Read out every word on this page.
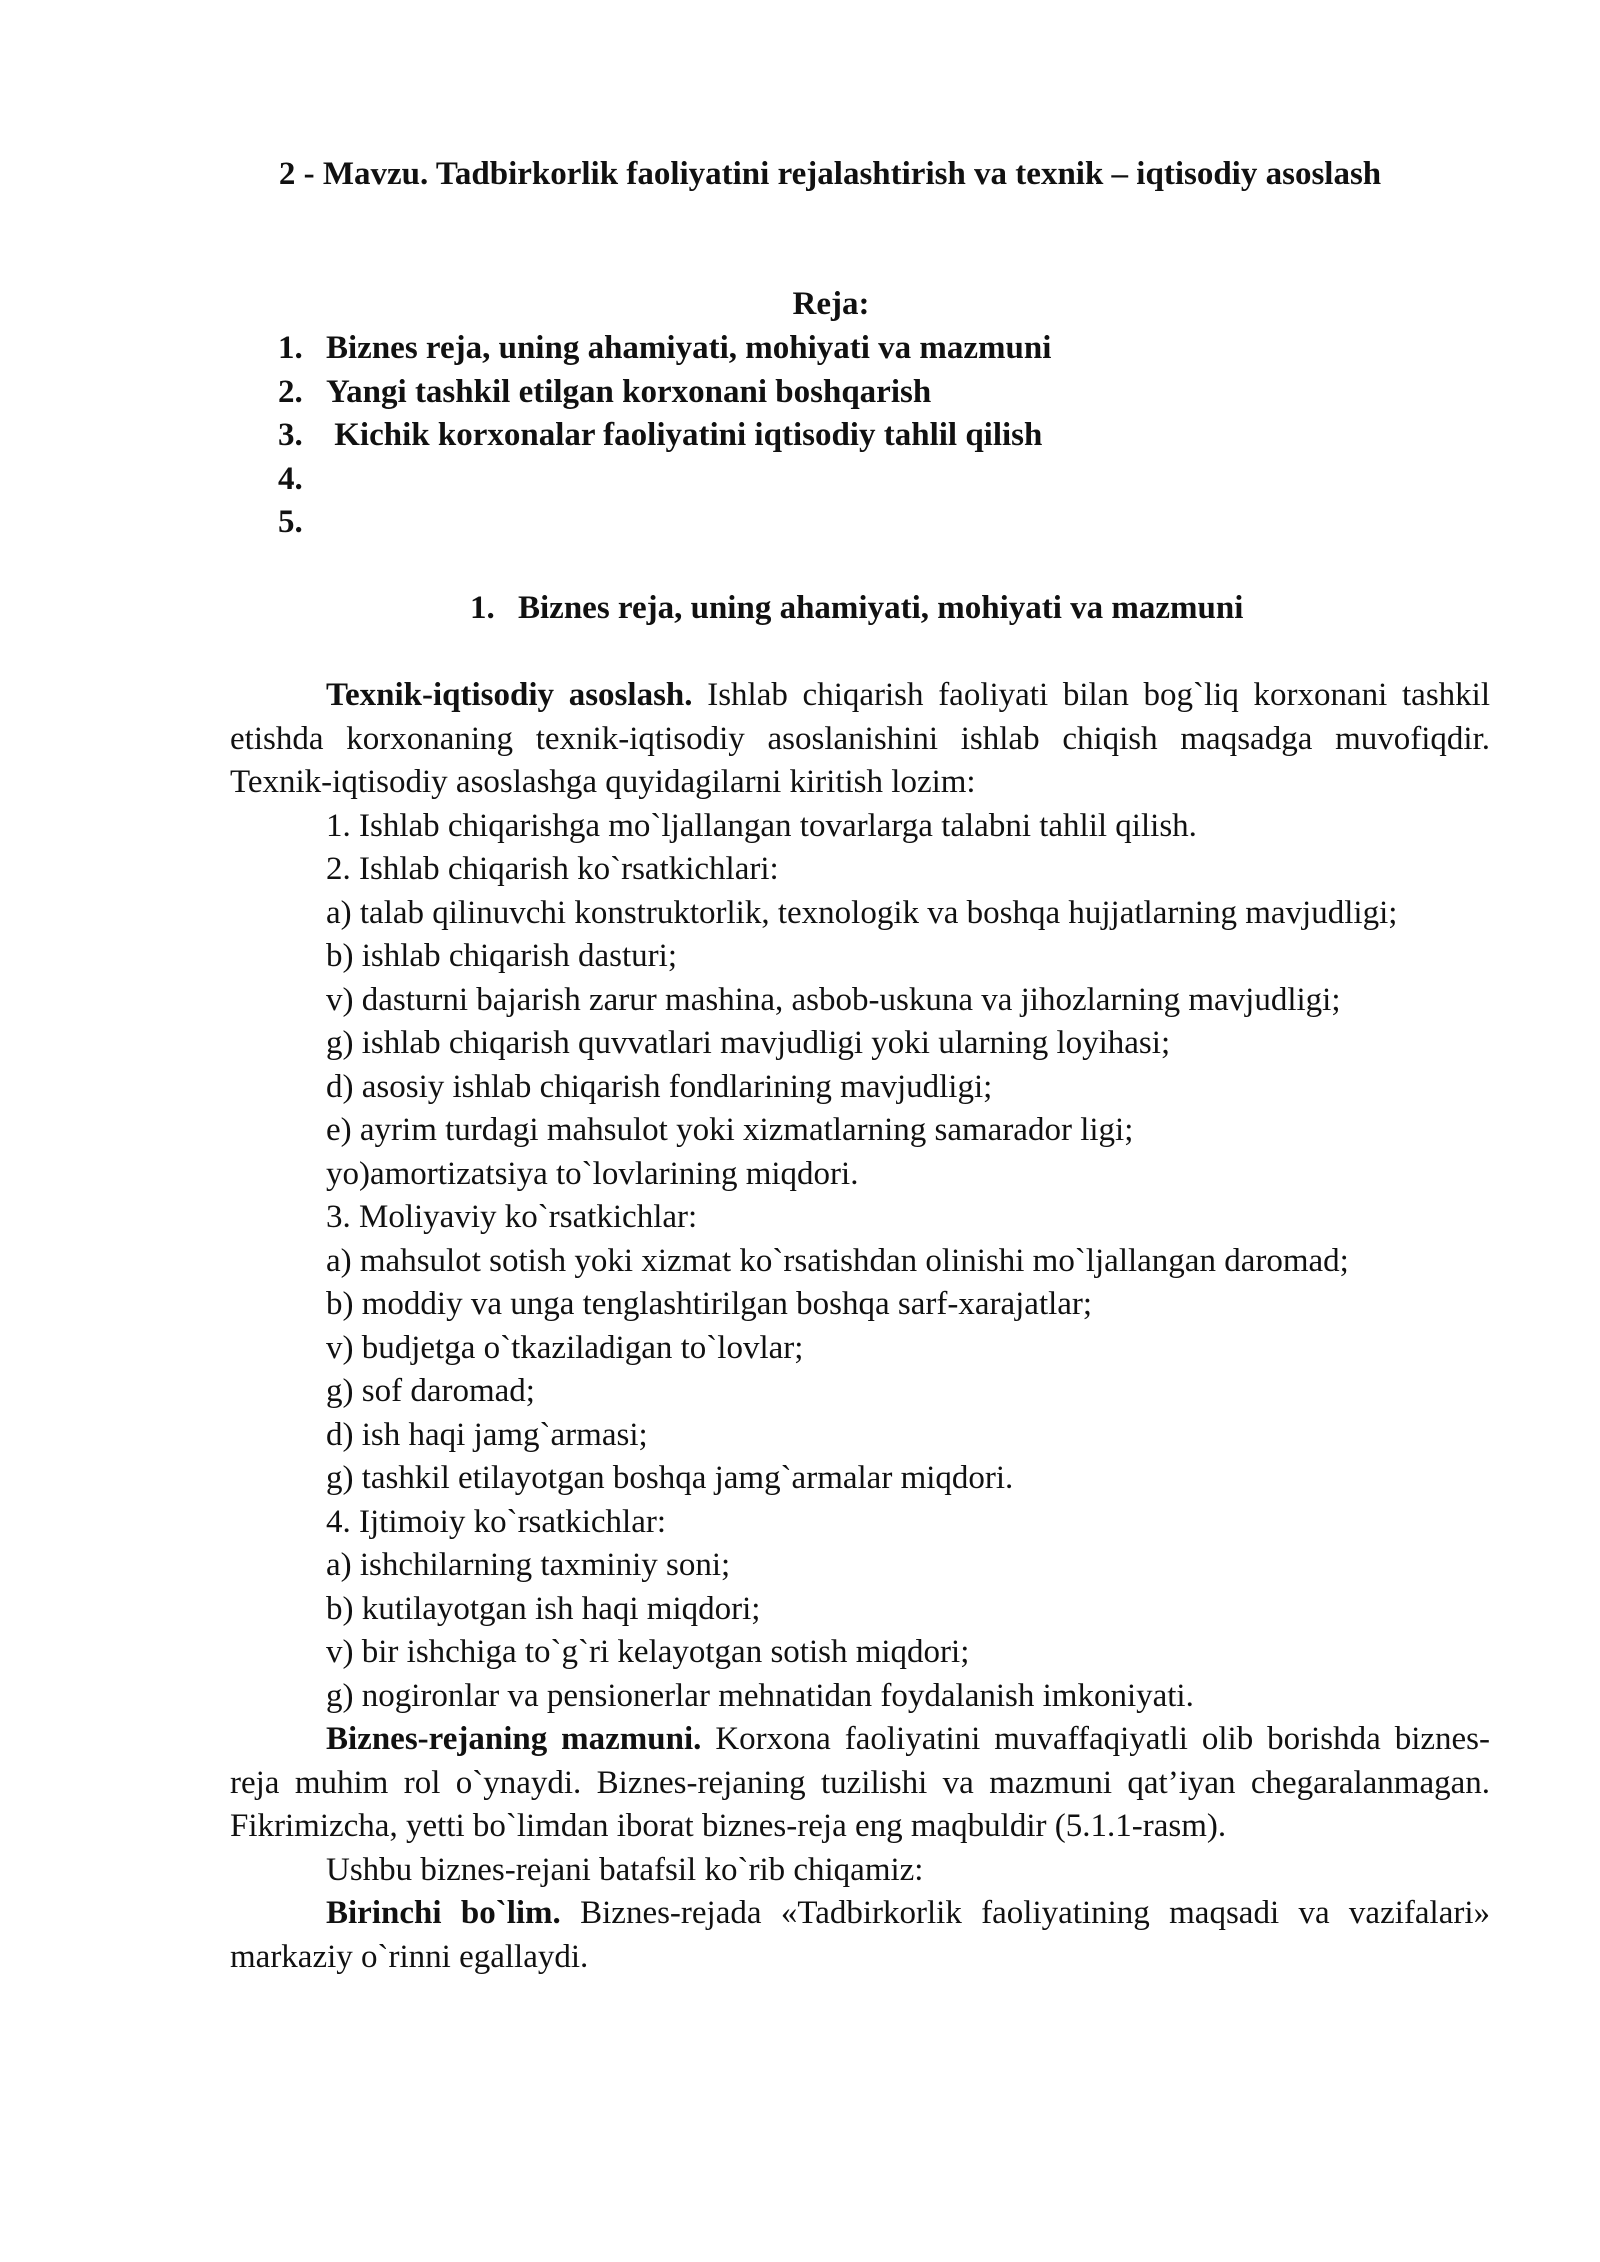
2 - Mavzu. Tadbirkorlik faoliyatini rejalashtirish va texnik – iqtisodiy asoslash
Reja:
1. Biznes reja, uning ahamiyati, mohiyati va mazmuni
2. Yangi tashkil etilgan korxonani boshqarish
3. Kichik korxonalar faoliyatini iqtisodiy tahlil qilish
4.
5.
1. Biznes reja, uning ahamiyati, mohiyati va mazmuni

Texnik-iqtisodiy asoslash. Ishlab chiqarish faoliyati bilan bog`liq korxonani tashkil etishda korxonaning texnik-iqtisodiy asoslanishini ishlab chiqish maqsadga muvofiqdir. Texnik-iqtisodiy asoslashga quyidagilarni kiritish lozim:

1. Ishlab chiqarishga mo`ljallangan tovarlarga talabni tahlil qilish.

2. Ishlab chiqarish ko`rsatkichlari:

a) talab qilinuvchi konstruktorlik, texnologik va boshqa hujjatlarning mavjudligi;

b) ishlab chiqarish dasturi;

v) dasturni bajarish zarur mashina, asbob-uskuna va jihozlarning mavjudligi;

g) ishlab chiqarish quvvatlari mavjudligi yoki ularning loyihasi;

d) asosiy ishlab chiqarish fondlarining mavjudligi;

e) ayrim turdagi mahsulot yoki xizmatlarning samarador ligi;

yo)amortizatsiya to`lovlarining miqdori.

3. Moliyaviy ko`rsatkichlar:

a) mahsulot sotish yoki xizmat ko`rsatishdan olinishi mo`ljallangan daromad;

b) moddiy va unga tenglashtirilgan boshqa sarf-xarajatlar;

v) budjetga o`tkaziladigan to`lovlar;

g) sof daromad;

d) ish haqi jamg`armasi;

g) tashkil etilayotgan boshqa jamg`armalar miqdori.

4. Ijtimoiy ko`rsatkichlar:

a) ishchilarning taxminiy soni;

b) kutilayotgan ish haqi miqdori;

v) bir ishchiga to`g`ri kelayotgan sotish miqdori;

g) nogironlar va pensionerlar mehnatidan foydalanish imkoniyati.

Biznes-rejaning mazmuni. Korxona faoliyatini muvaffaqiyatli olib borishda biznes-reja muhim rol o`ynaydi. Biznes-rejaning tuzilishi va mazmuni qat’iyan chegaralanmagan. Fikrimizcha, yetti bo`limdan iborat biznes-reja eng maqbuldir (5.1.1-rasm).

Ushbu biznes-rejani batafsil ko`rib chiqamiz:

Birinchi bo`lim. Biznes-rejada «Tadbirkorlik faoliyatining maqsadi va vazifalari» markaziy o`rinni egallaydi.
